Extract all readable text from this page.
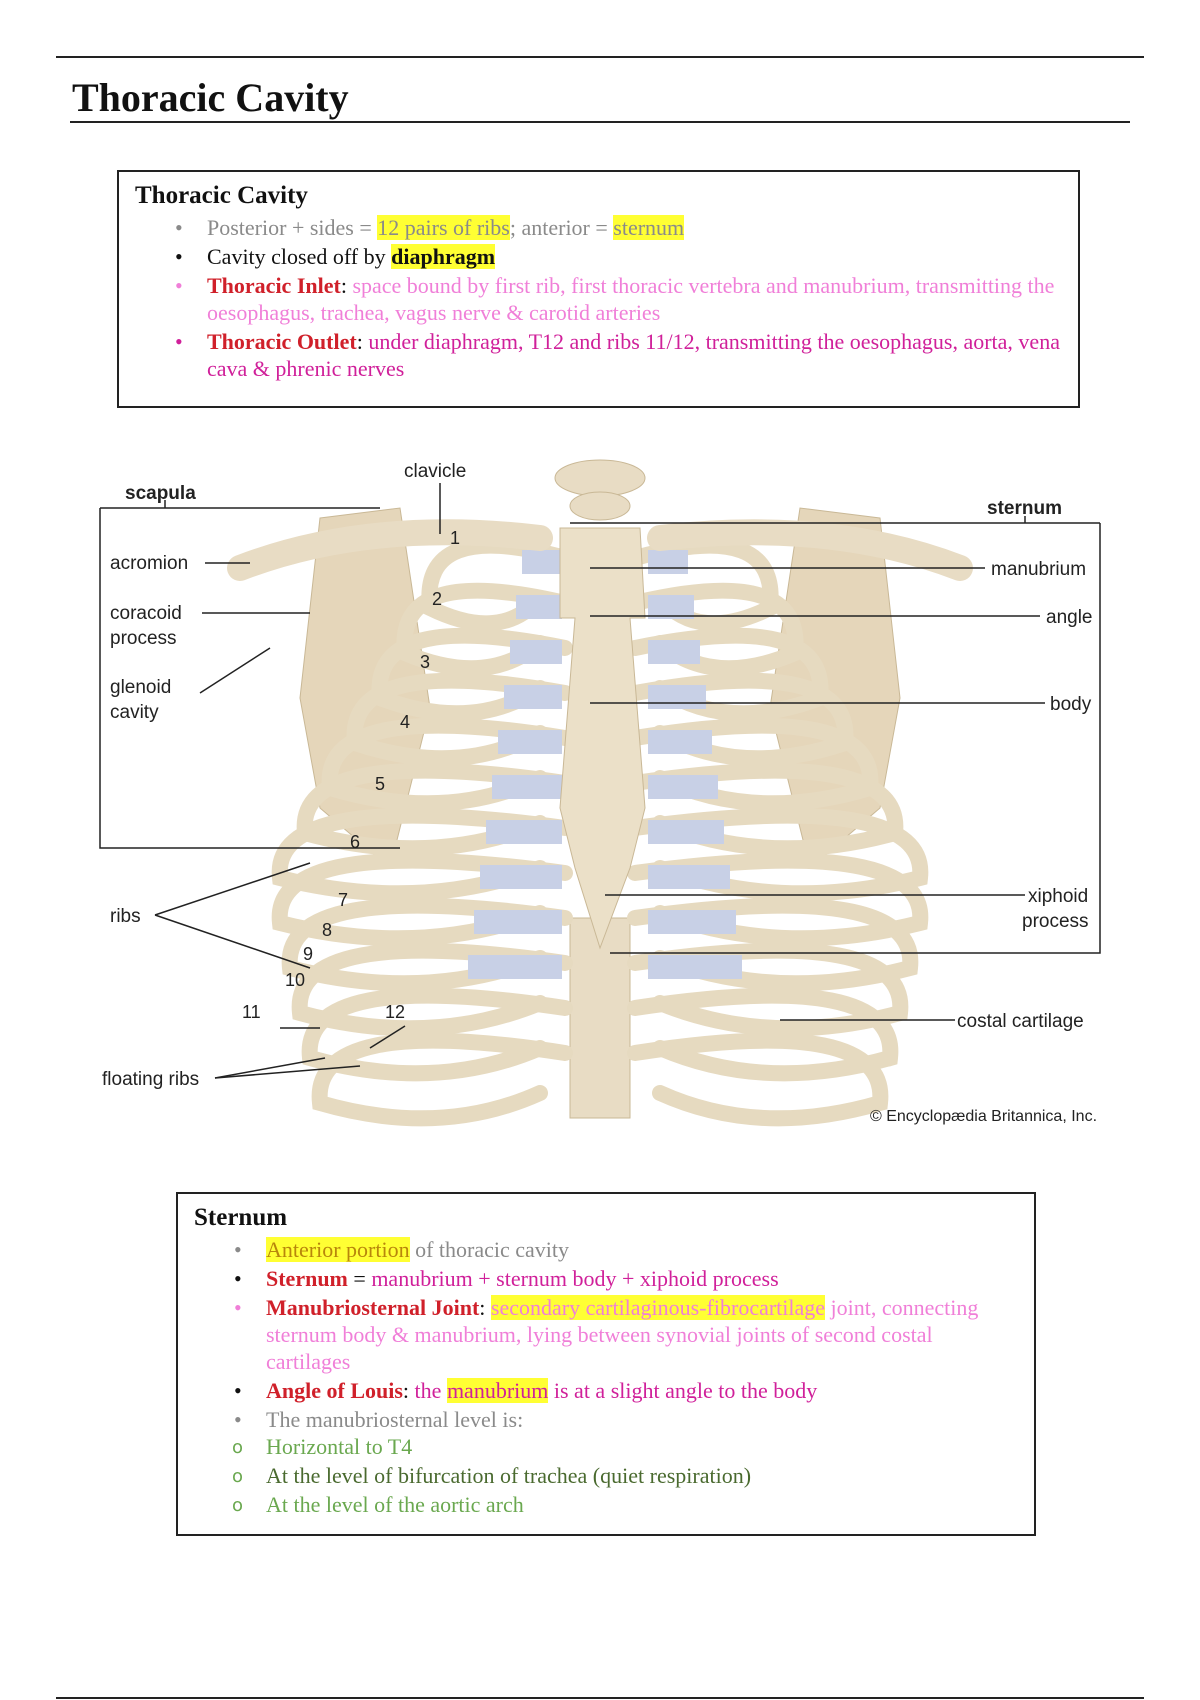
Thoracic Cavity
Thoracic Cavity
• Posterior + sides = 12 pairs of ribs; anterior = sternum
• Cavity closed off by diaphragm
• Thoracic Inlet: space bound by first rib, first thoracic vertebra and manubrium, transmitting the oesophagus, trachea, vagus nerve & carotid arteries
• Thoracic Outlet: under diaphragm, T12 and ribs 11/12, transmitting the oesophagus, aorta, vena cava & phrenic nerves
scapula
clavicle
sternum
acromion
coracoid
process
glenoid
cavity
manubrium
angle
body
ribs
xiphoid
process
costal cartilage
floating ribs
© Encyclopædia Britannica, Inc.
1
2
3
4
5
6
7
8
9
10
11	12
Sternum
• Anterior portion of thoracic cavity
• Sternum = manubrium + sternum body + xiphoid process
• Manubriosternal Joint: secondary cartilaginous-fibrocartilage joint, connecting sternum body & manubrium, lying between synovial joints of second costal cartilages
• Angle of Louis: the manubrium is at a slight angle to the body
• The manubriosternal level is:
o Horizontal to T4
o At the level of bifurcation of trachea (quiet respiration)
o At the level of the aortic arch
